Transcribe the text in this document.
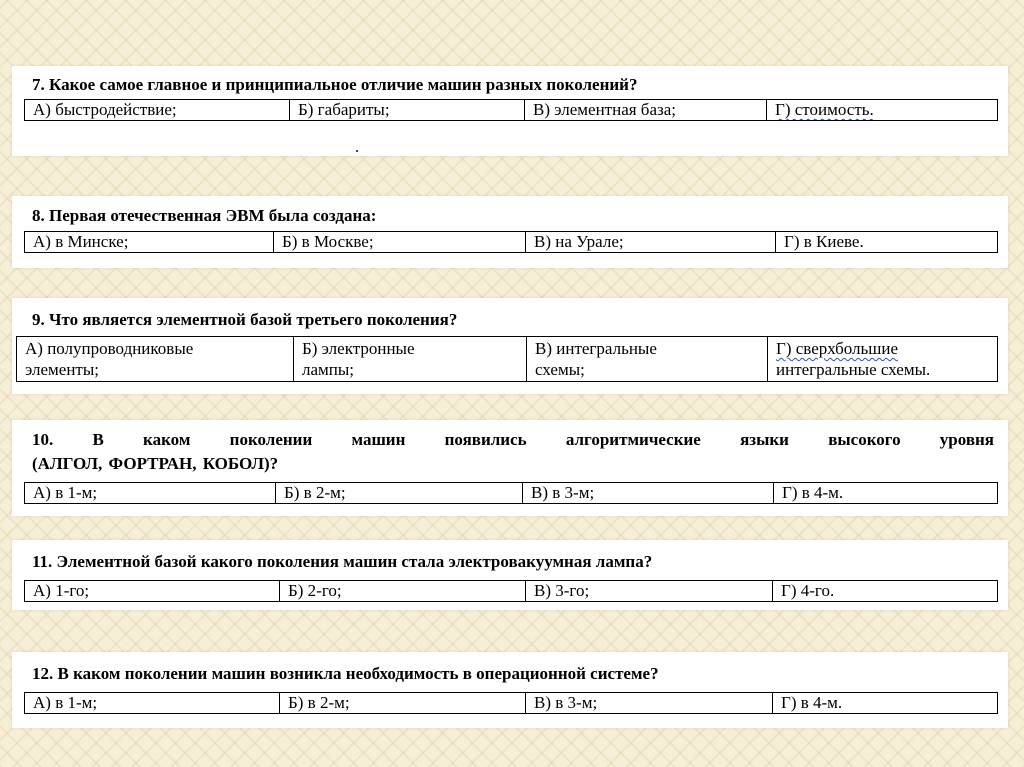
7. Какое самое главное и принципиальное отличие машин разных поколений?
А) быстродействие;	Б) габариты;	В) элементная база;	Г) стоимость.
8. Первая отечественная ЭВМ была создана:
А) в Минске;	Б) в Москве;	В) на Урале;	Г) в Киеве.
9. Что является элементной базой третьего поколения?
А) полупроводниковые
элементы;

Б) электронные
лампы;

В) интегральные
схемы;

Г) сверхбольшие
интегральные схемы.
10. В каком поколении машин появились алгоритмические языки высокого уровня
(АЛГОЛ, ФОРТРАН, КОБОЛ)?
А) в 1-м;	Б) в 2-м;	В) в 3-м;	Г) в 4-м.
11. Элементной базой какого поколения машин стала электровакуумная лампа?
А) 1-го;	Б) 2-го;	В) 3-го;	Г) 4-го.
12. В каком поколении машин возникла необходимость в операционной системе?
А) в 1-м;	Б) в 2-м;	В) в 3-м;	Г) в 4-м.
